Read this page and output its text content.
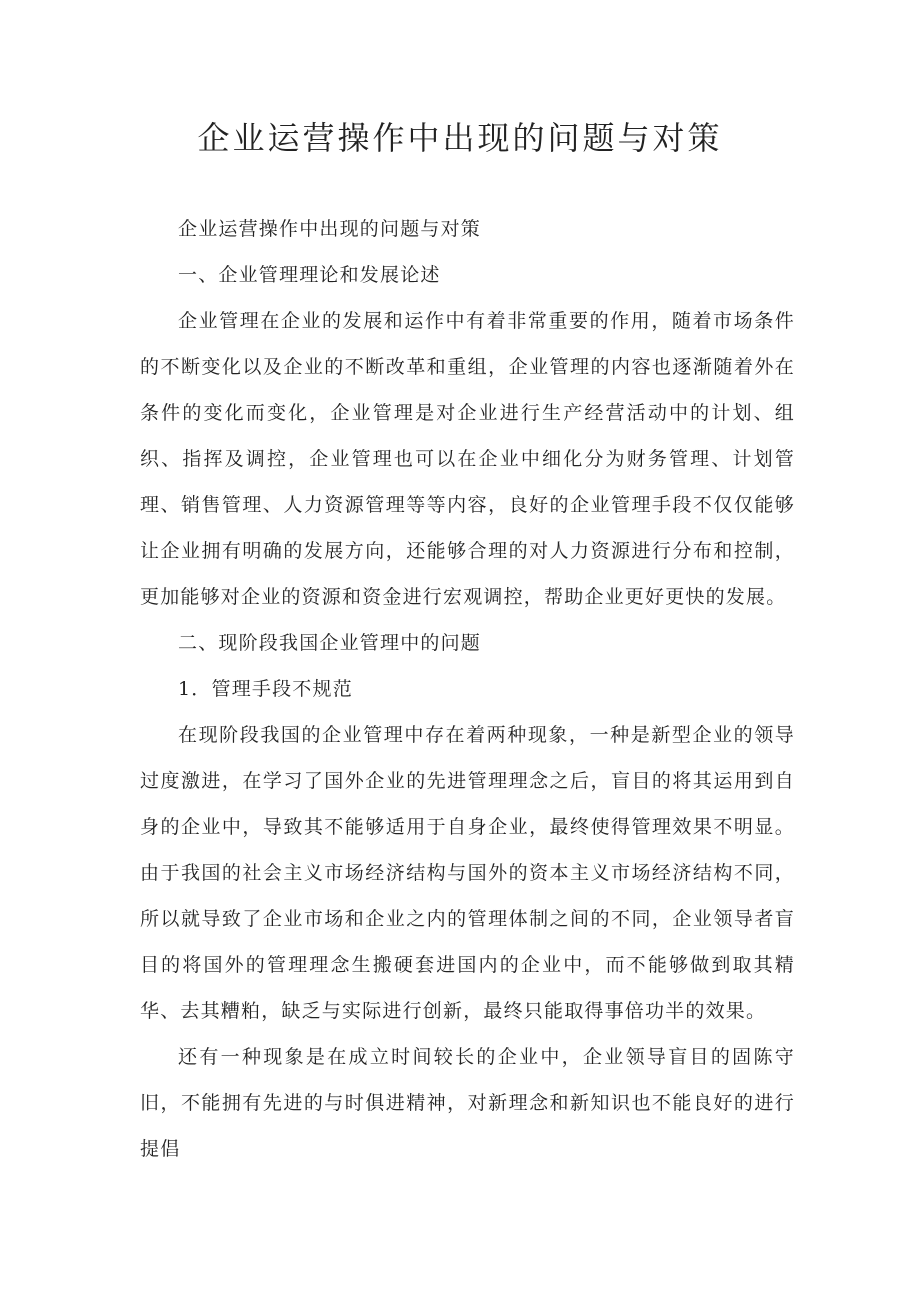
企业运营操作中出现的问题与对策

企业运营操作中出现的问题与对策

一、企业管理理论和发展论述

企业管理在企业的发展和运作中有着非常重要的作用，随着市场条件的不断变化以及企业的不断改革和重组，企业管理的内容也逐渐随着外在条件的变化而变化，企业管理是对企业进行生产经营活动中的计划、组织、指挥及调控，企业管理也可以在企业中细化分为财务管理、计划管理、销售管理、人力资源管理等等内容，良好的企业管理手段不仅仅能够让企业拥有明确的发展方向，还能够合理的对人力资源进行分布和控制，更加能够对企业的资源和资金进行宏观调控，帮助企业更好更快的发展。

二、现阶段我国企业管理中的问题

1．管理手段不规范

在现阶段我国的企业管理中存在着两种现象，一种是新型企业的领导过度激进，在学习了国外企业的先进管理理念之后，盲目的将其运用到自身的企业中，导致其不能够适用于自身企业，最终使得管理效果不明显。由于我国的社会主义市场经济结构与国外的资本主义市场经济结构不同，所以就导致了企业市场和企业之内的管理体制之间的不同，企业领导者盲目的将国外的管理理念生搬硬套进国内的企业中，而不能够做到取其精华、去其糟粕，缺乏与实际进行创新，最终只能取得事倍功半的效果。

还有一种现象是在成立时间较长的企业中，企业领导盲目的固陈守旧，不能拥有先进的与时俱进精神，对新理念和新知识也不能良好的进行提倡
